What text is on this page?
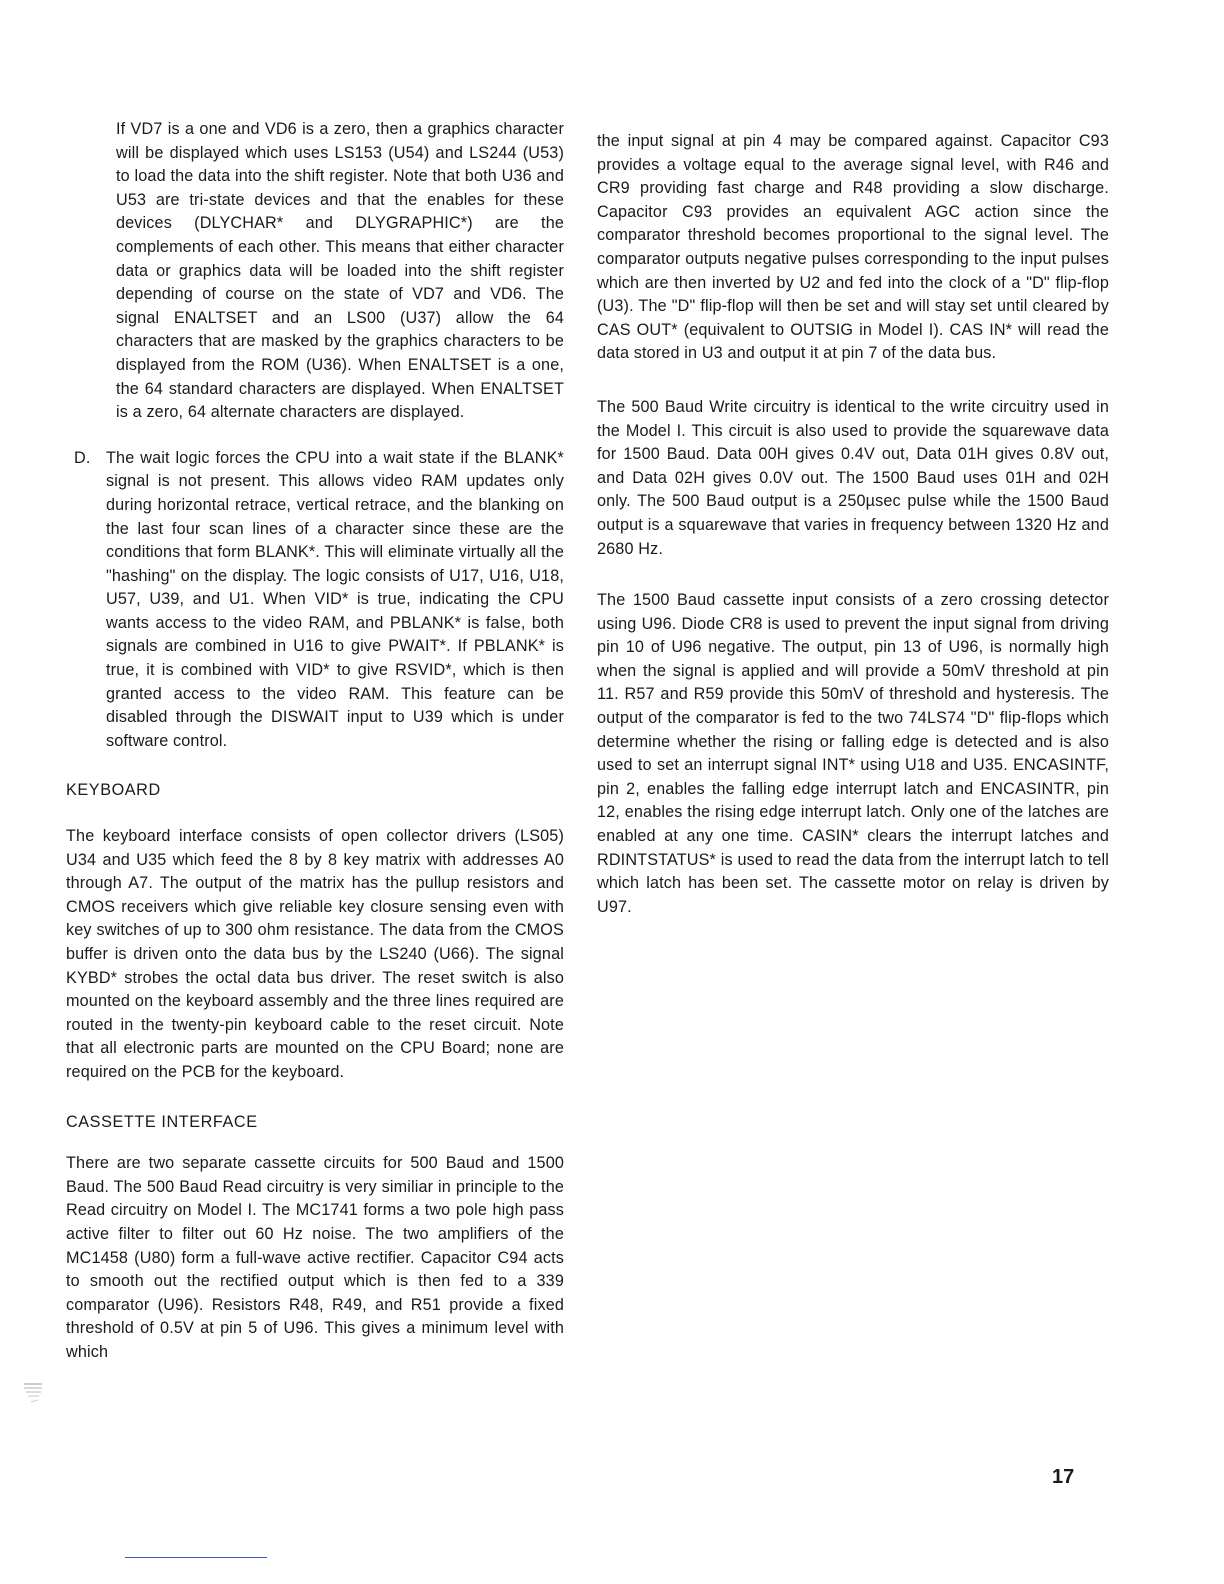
If VD7 is a one and VD6 is a zero, then a graphics character will be displayed which uses LS153 (U54) and LS244 (U53) to load the data into the shift register. Note that both U36 and U53 are tri-state devices and that the enables for these devices (DLYCHAR* and DLYGRAPHIC*) are the complements of each other. This means that either character data or graphics data will be loaded into the shift register depending of course on the state of VD7 and VD6. The signal ENALTSET and an LS00 (U37) allow the 64 characters that are masked by the graphics characters to be displayed from the ROM (U36). When ENALTSET is a one, the 64 standard characters are displayed. When ENALTSET is a zero, 64 alternate characters are displayed.

D. The wait logic forces the CPU into a wait state if the BLANK* signal is not present. This allows video RAM updates only during horizontal retrace, vertical retrace, and the blanking on the last four scan lines of a character since these are the conditions that form BLANK*. This will eliminate virtually all the "hashing" on the display. The logic consists of U17, U16, U18, U57, U39, and U1. When VID* is true, indicating the CPU wants access to the video RAM, and PBLANK* is false, both signals are combined in U16 to give PWAIT*. If PBLANK* is true, it is combined with VID* to give RSVID*, which is then granted access to the video RAM. This feature can be disabled through the DISWAIT input to U39 which is under software control.

KEYBOARD

The keyboard interface consists of open collector drivers (LS05) U34 and U35 which feed the 8 by 8 key matrix with addresses A0 through A7. The output of the matrix has the pullup resistors and CMOS receivers which give reliable key closure sensing even with key switches of up to 300 ohm resistance. The data from the CMOS buffer is driven onto the data bus by the LS240 (U66). The signal KYBD* strobes the octal data bus driver. The reset switch is also mounted on the keyboard assembly and the three lines required are routed in the twenty-pin keyboard cable to the reset circuit. Note that all electronic parts are mounted on the CPU Board; none are required on the PCB for the keyboard.

CASSETTE INTERFACE

There are two separate cassette circuits for 500 Baud and 1500 Baud. The 500 Baud Read circuitry is very similiar in principle to the Read circuitry on Model I. The MC1741 forms a two pole high pass active filter to filter out 60 Hz noise. The two amplifiers of the MC1458 (U80) form a full-wave active rectifier. Capacitor C94 acts to smooth out the rectified output which is then fed to a 339 comparator (U96). Resistors R48, R49, and R51 provide a fixed threshold of 0.5V at pin 5 of U96. This gives a minimum level with which

the input signal at pin 4 may be compared against. Capacitor C93 provides a voltage equal to the average signal level, with R46 and CR9 providing fast charge and R48 providing a slow discharge. Capacitor C93 provides an equivalent AGC action since the comparator threshold becomes proportional to the signal level. The comparator outputs negative pulses corresponding to the input pulses which are then inverted by U2 and fed into the clock of a "D" flip-flop (U3). The "D" flip-flop will then be set and will stay set until cleared by CAS OUT* (equivalent to OUTSIG in Model I). CAS IN* will read the data stored in U3 and output it at pin 7 of the data bus.

The 500 Baud Write circuitry is identical to the write circuitry used in the Model I. This circuit is also used to provide the squarewave data for 1500 Baud. Data 00H gives 0.4V out, Data 01H gives 0.8V out, and Data 02H gives 0.0V out. The 1500 Baud uses 01H and 02H only. The 500 Baud output is a 250µsec pulse while the 1500 Baud output is a squarewave that varies in frequency between 1320 Hz and 2680 Hz.

The 1500 Baud cassette input consists of a zero crossing detector using U96. Diode CR8 is used to prevent the input signal from driving pin 10 of U96 negative. The output, pin 13 of U96, is normally high when the signal is applied and will provide a 50mV threshold at pin 11. R57 and R59 provide this 50mV of threshold and hysteresis. The output of the comparator is fed to the two 74LS74 "D" flip-flops which determine whether the rising or falling edge is detected and is also used to set an interrupt signal INT* using U18 and U35. ENCASINTF, pin 2, enables the falling edge interrupt latch and ENCASINTR, pin 12, enables the rising edge interrupt latch. Only one of the latches are enabled at any one time. CASIN* clears the interrupt latches and RDINTSTATUS* is used to read the data from the interrupt latch to tell which latch has been set. The cassette motor on relay is driven by U97.

17
